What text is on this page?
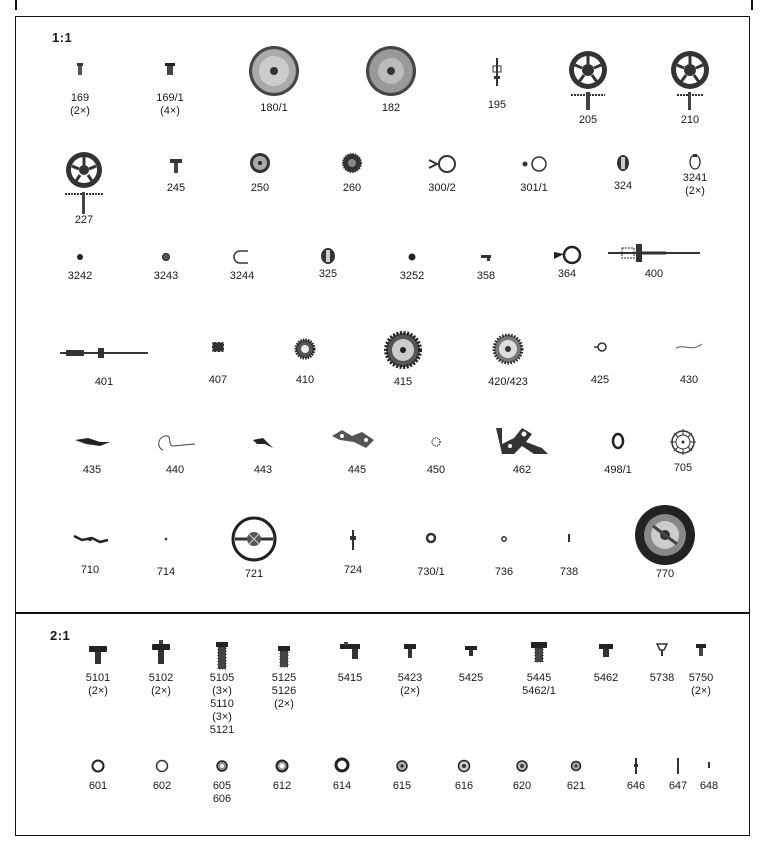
1:1
2:1
169
(2×)
169/1
(4×)	180/1	182	195
205	210
227
245	250	260	300/2	301/1	324
3241
(2×)
3242	3243	3244	325	3252	358	364	400
401	407	410	415	420/423	425	430
435	440	443	445	450	462	498/1	705
710	714	721	724	730/1	736	738	770
5101
(2×)
5102
(2×)
5105
(3×)
5110
(3×)
5121
5125
5126
(2×)
5415	5423
(2×)
5425	5445
5462/1
5462	5738	5750
(2×)
601	602	605
606
612	614	615	616	620	621	646	647	648
